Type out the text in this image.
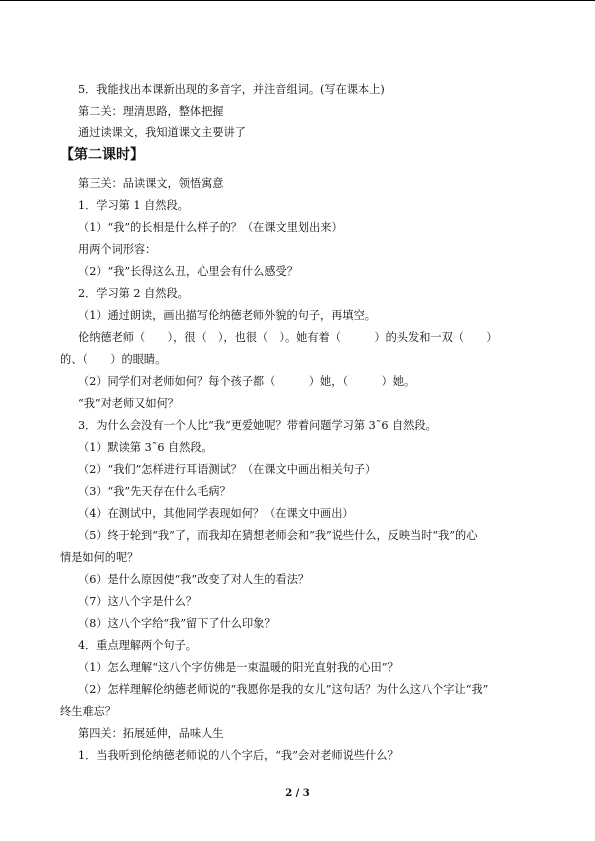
5．我能找出本课新出现的多音字，并注音组词。(写在课本上)
第二关：理清思路，整体把握
通过读课文，我知道课文主要讲了
【第二课时】
第三关：品读课文，领悟寓意
1．学习第 1 自然段。
（1）“我”的长相是什么样子的？（在课文里划出来）
用两个词形容：
（2）“我”长得这么丑，心里会有什么感受？
2．学习第 2 自然段。
（1）通过朗读，画出描写伦纳德老师外貌的句子，再填空。
伦纳德老师（　　），很（　），也很（　）。她有着（　　　）的头发和一双（　　）
的、（　　）的眼睛。
（2）同学们对老师如何？每个孩子都（　　　）她，（　　　）她。
“我”对老师又如何？
3．为什么会没有一个人比“我”更爱她呢？带着问题学习第 3˜6 自然段。
（1）默读第 3˜6 自然段。
（2）“我们”怎样进行耳语测试？（在课文中画出相关句子）
（3）“我”先天存在什么毛病？
（4）在测试中，其他同学表现如何？（在课文中画出）
（5）终于轮到“我”了，而我却在猜想老师会和“我”说些什么，反映当时“我”的心
情是如何的呢？
（6）是什么原因使“我”改变了对人生的看法？
（7）这八个字是什么？
（8）这八个字给“我”留下了什么印象？
4．重点理解两个句子。
（1）怎么理解“这八个字仿佛是一束温暖的阳光直射我的心田”？
（2）怎样理解伦纳德老师说的“我愿你是我的女儿”这句话？为什么这八个字让“我”
终生难忘？
第四关：拓展延伸，品味人生
1．当我听到伦纳德老师说的八个字后，“我”会对老师说些什么？
2 / 3
